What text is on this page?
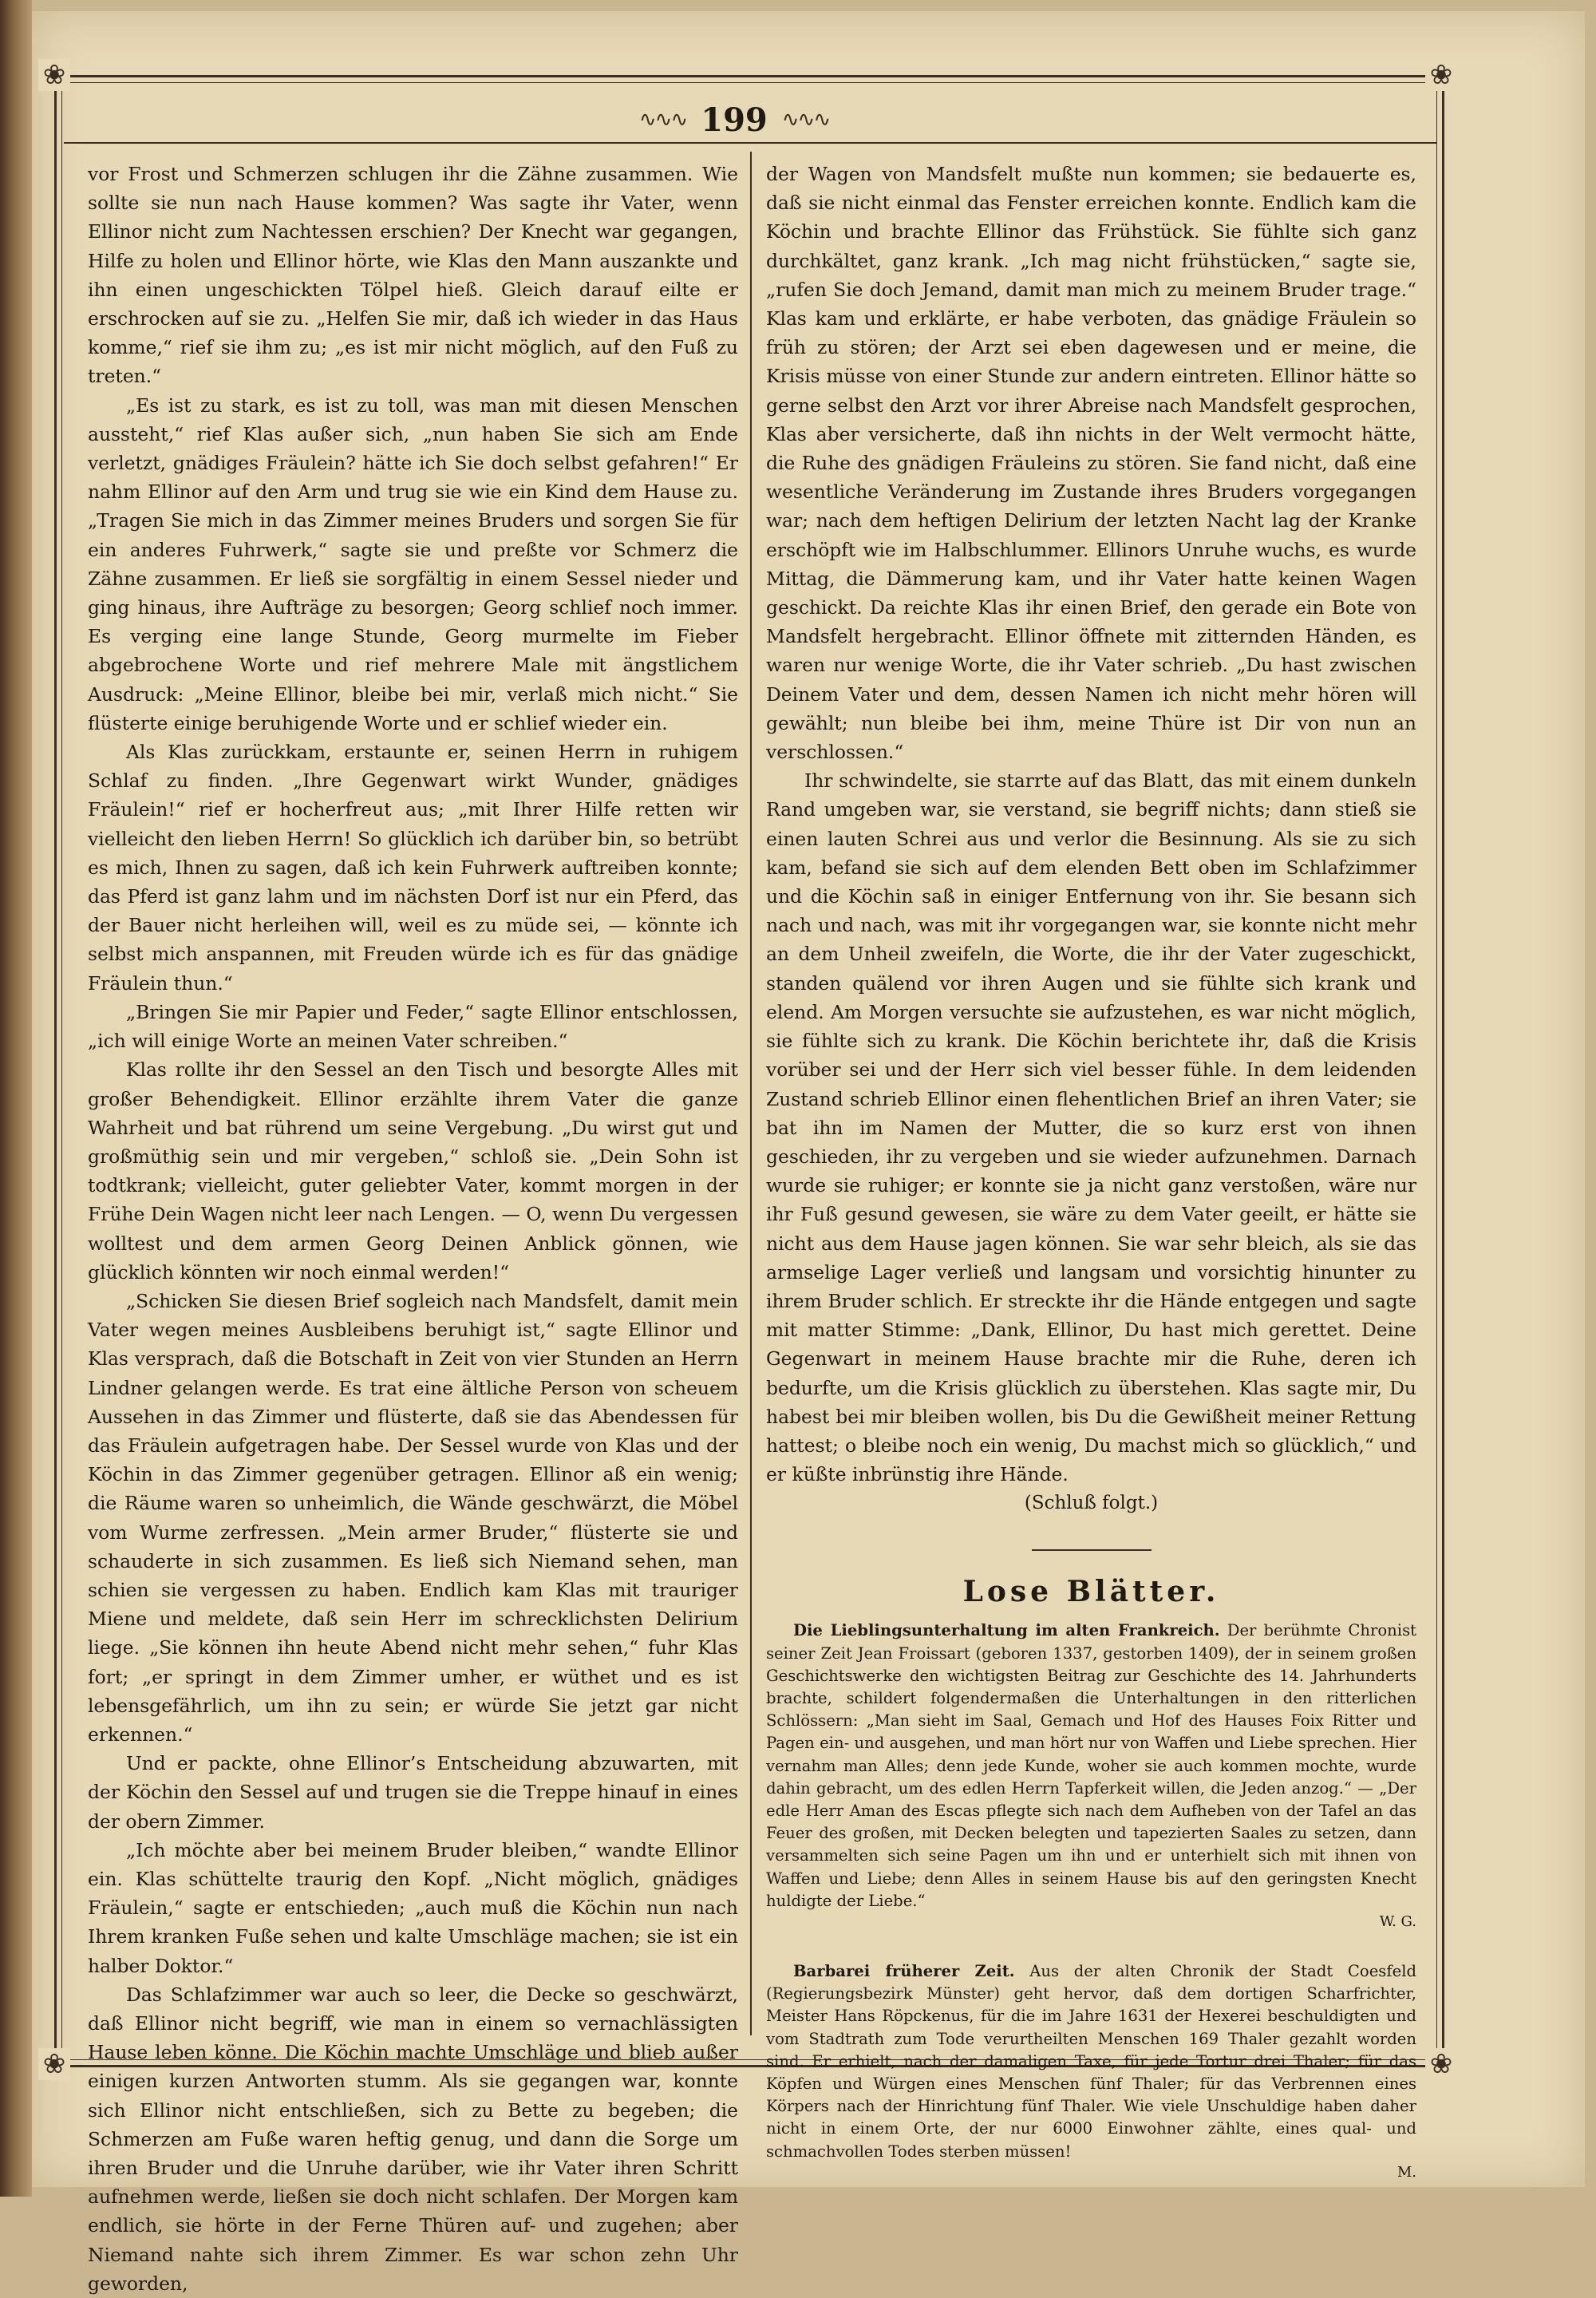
❀	❀
❀	❀
∿∿∿ 199 ∿∿∿

vor Frost und Schmerzen schlugen ihr die Zähne zusammen. Wie sollte sie nun nach Hause kommen? Was sagte ihr Vater, wenn Ellinor nicht zum Nachtessen erschien? Der Knecht war gegangen, Hilfe zu holen und Ellinor hörte, wie Klas den Mann auszankte und ihn einen ungeschickten Tölpel hieß. Gleich darauf eilte er erschrocken auf sie zu. „Helfen Sie mir, daß ich wieder in das Haus komme,“ rief sie ihm zu; „es ist mir nicht möglich, auf den Fuß zu treten.“

„Es ist zu stark, es ist zu toll, was man mit diesen Menschen aussteht,“ rief Klas außer sich, „nun haben Sie sich am Ende verletzt, gnädiges Fräulein? hätte ich Sie doch selbst gefahren!“ Er nahm Ellinor auf den Arm und trug sie wie ein Kind dem Hause zu. „Tragen Sie mich in das Zimmer meines Bruders und sorgen Sie für ein anderes Fuhrwerk,“ sagte sie und preßte vor Schmerz die Zähne zusammen. Er ließ sie sorgfältig in einem Sessel nieder und ging hinaus, ihre Aufträge zu besorgen; Georg schlief noch immer. Es verging eine lange Stunde, Georg murmelte im Fieber abgebrochene Worte und rief mehrere Male mit ängstlichem Ausdruck: „Meine Ellinor, bleibe bei mir, verlaß mich nicht.“ Sie flüsterte einige beruhigende Worte und er schlief wieder ein.

Als Klas zurückkam, erstaunte er, seinen Herrn in ruhigem Schlaf zu finden. „Ihre Gegenwart wirkt Wunder, gnädiges Fräulein!“ rief er hocherfreut aus; „mit Ihrer Hilfe retten wir vielleicht den lieben Herrn! So glücklich ich darüber bin, so betrübt es mich, Ihnen zu sagen, daß ich kein Fuhrwerk auftreiben konnte; das Pferd ist ganz lahm und im nächsten Dorf ist nur ein Pferd, das der Bauer nicht herleihen will, weil es zu müde sei, — könnte ich selbst mich anspannen, mit Freuden würde ich es für das gnädige Fräulein thun.“

„Bringen Sie mir Papier und Feder,“ sagte Ellinor entschlossen, „ich will einige Worte an meinen Vater schreiben.“

Klas rollte ihr den Sessel an den Tisch und besorgte Alles mit großer Behendigkeit. Ellinor erzählte ihrem Vater die ganze Wahrheit und bat rührend um seine Vergebung. „Du wirst gut und großmüthig sein und mir vergeben,“ schloß sie. „Dein Sohn ist todtkrank; vielleicht, guter geliebter Vater, kommt morgen in der Frühe Dein Wagen nicht leer nach Lengen. — O, wenn Du vergessen wolltest und dem armen Georg Deinen Anblick gönnen, wie glücklich könnten wir noch einmal werden!“

„Schicken Sie diesen Brief sogleich nach Mandsfelt, damit mein Vater wegen meines Ausbleibens beruhigt ist,“ sagte Ellinor und Klas versprach, daß die Botschaft in Zeit von vier Stunden an Herrn Lindner gelangen werde. Es trat eine ältliche Person von scheuem Aussehen in das Zimmer und flüsterte, daß sie das Abendessen für das Fräulein aufgetragen habe. Der Sessel wurde von Klas und der Köchin in das Zimmer gegenüber getragen. Ellinor aß ein wenig; die Räume waren so unheimlich, die Wände geschwärzt, die Möbel vom Wurme zerfressen. „Mein armer Bruder,“ flüsterte sie und schauderte in sich zusammen. Es ließ sich Niemand sehen, man schien sie vergessen zu haben. Endlich kam Klas mit trauriger Miene und meldete, daß sein Herr im schrecklichsten Delirium liege. „Sie können ihn heute Abend nicht mehr sehen,“ fuhr Klas fort; „er springt in dem Zimmer umher, er wüthet und es ist lebensgefährlich, um ihn zu sein; er würde Sie jetzt gar nicht erkennen.“

Und er packte, ohne Ellinor’s Entscheidung abzuwarten, mit der Köchin den Sessel auf und trugen sie die Treppe hinauf in eines der obern Zimmer.

„Ich möchte aber bei meinem Bruder bleiben,“ wandte Ellinor ein. Klas schüttelte traurig den Kopf. „Nicht möglich, gnädiges Fräulein,“ sagte er entschieden; „auch muß die Köchin nun nach Ihrem kranken Fuße sehen und kalte Umschläge machen; sie ist ein halber Doktor.“

Das Schlafzimmer war auch so leer, die Decke so geschwärzt, daß Ellinor nicht begriff, wie man in einem so vernachlässigten Hause leben könne. Die Köchin machte Umschläge und blieb außer einigen kurzen Antworten stumm. Als sie gegangen war, konnte sich Ellinor nicht entschließen, sich zu Bette zu begeben; die Schmerzen am Fuße waren heftig genug, und dann die Sorge um ihren Bruder und die Unruhe darüber, wie ihr Vater ihren Schritt aufnehmen werde, ließen sie doch nicht schlafen. Der Morgen kam endlich, sie hörte in der Ferne Thüren auf- und zugehen; aber Niemand nahte sich ihrem Zimmer. Es war schon zehn Uhr geworden,

der Wagen von Mandsfelt mußte nun kommen; sie bedauerte es, daß sie nicht einmal das Fenster erreichen konnte. Endlich kam die Köchin und brachte Ellinor das Frühstück. Sie fühlte sich ganz durchkältet, ganz krank. „Ich mag nicht frühstücken,“ sagte sie, „rufen Sie doch Jemand, damit man mich zu meinem Bruder trage.“ Klas kam und erklärte, er habe verboten, das gnädige Fräulein so früh zu stören; der Arzt sei eben dagewesen und er meine, die Krisis müsse von einer Stunde zur andern eintreten. Ellinor hätte so gerne selbst den Arzt vor ihrer Abreise nach Mandsfelt gesprochen, Klas aber versicherte, daß ihn nichts in der Welt vermocht hätte, die Ruhe des gnädigen Fräuleins zu stören. Sie fand nicht, daß eine wesentliche Veränderung im Zustande ihres Bruders vorgegangen war; nach dem heftigen Delirium der letzten Nacht lag der Kranke erschöpft wie im Halbschlummer. Ellinors Unruhe wuchs, es wurde Mittag, die Dämmerung kam, und ihr Vater hatte keinen Wagen geschickt. Da reichte Klas ihr einen Brief, den gerade ein Bote von Mandsfelt hergebracht. Ellinor öffnete mit zitternden Händen, es waren nur wenige Worte, die ihr Vater schrieb. „Du hast zwischen Deinem Vater und dem, dessen Namen ich nicht mehr hören will gewählt; nun bleibe bei ihm, meine Thüre ist Dir von nun an verschlossen.“

Ihr schwindelte, sie starrte auf das Blatt, das mit einem dunkeln Rand umgeben war, sie verstand, sie begriff nichts; dann stieß sie einen lauten Schrei aus und verlor die Besinnung. Als sie zu sich kam, befand sie sich auf dem elenden Bett oben im Schlafzimmer und die Köchin saß in einiger Entfernung von ihr. Sie besann sich nach und nach, was mit ihr vorgegangen war, sie konnte nicht mehr an dem Unheil zweifeln, die Worte, die ihr der Vater zugeschickt, standen quälend vor ihren Augen und sie fühlte sich krank und elend. Am Morgen versuchte sie aufzustehen, es war nicht möglich, sie fühlte sich zu krank. Die Köchin berichtete ihr, daß die Krisis vorüber sei und der Herr sich viel besser fühle. In dem leidenden Zustand schrieb Ellinor einen flehentlichen Brief an ihren Vater; sie bat ihn im Namen der Mutter, die so kurz erst von ihnen geschieden, ihr zu vergeben und sie wieder aufzunehmen. Darnach wurde sie ruhiger; er konnte sie ja nicht ganz verstoßen, wäre nur ihr Fuß gesund gewesen, sie wäre zu dem Vater geeilt, er hätte sie nicht aus dem Hause jagen können. Sie war sehr bleich, als sie das armselige Lager verließ und langsam und vorsichtig hinunter zu ihrem Bruder schlich. Er streckte ihr die Hände entgegen und sagte mit matter Stimme: „Dank, Ellinor, Du hast mich gerettet. Deine Gegenwart in meinem Hause brachte mir die Ruhe, deren ich bedurfte, um die Krisis glücklich zu überstehen. Klas sagte mir, Du habest bei mir bleiben wollen, bis Du die Gewißheit meiner Rettung hattest; o bleibe noch ein wenig, Du machst mich so glücklich,“ und er küßte inbrünstig ihre Hände.

(Schluß folgt.)

Lose Blätter.

Die Lieblingsunterhaltung im alten Frankreich. Der berühmte Chronist seiner Zeit Jean Froissart (geboren 1337, gestorben 1409), der in seinem großen Geschichtswerke den wichtigsten Beitrag zur Geschichte des 14. Jahrhunderts brachte, schildert folgendermaßen die Unterhaltungen in den ritterlichen Schlössern: „Man sieht im Saal, Gemach und Hof des Hauses Foix Ritter und Pagen ein- und ausgehen, und man hört nur von Waffen und Liebe sprechen. Hier vernahm man Alles; denn jede Kunde, woher sie auch kommen mochte, wurde dahin gebracht, um des edlen Herrn Tapferkeit willen, die Jeden anzog.“ — „Der edle Herr Aman des Escas pflegte sich nach dem Aufheben von der Tafel an das Feuer des großen, mit Decken belegten und tapezierten Saales zu setzen, dann versammelten sich seine Pagen um ihn und er unterhielt sich mit ihnen von Waffen und Liebe; denn Alles in seinem Hause bis auf den geringsten Knecht huldigte der Liebe.“
W. G.

Barbarei früherer Zeit. Aus der alten Chronik der Stadt Coesfeld (Regierungsbezirk Münster) geht hervor, daß dem dortigen Scharfrichter, Meister Hans Röpckenus, für die im Jahre 1631 der Hexerei beschuldigten und vom Stadtrath zum Tode verurtheilten Menschen 169 Thaler gezahlt worden sind. Er erhielt, nach der damaligen Taxe, für jede Tortur drei Thaler; für das Köpfen und Würgen eines Menschen fünf Thaler; für das Verbrennen eines Körpers nach der Hinrichtung fünf Thaler. Wie viele Unschuldige haben daher nicht in einem Orte, der nur 6000 Einwohner zählte, eines qual- und schmachvollen Todes sterben müssen!
M.
